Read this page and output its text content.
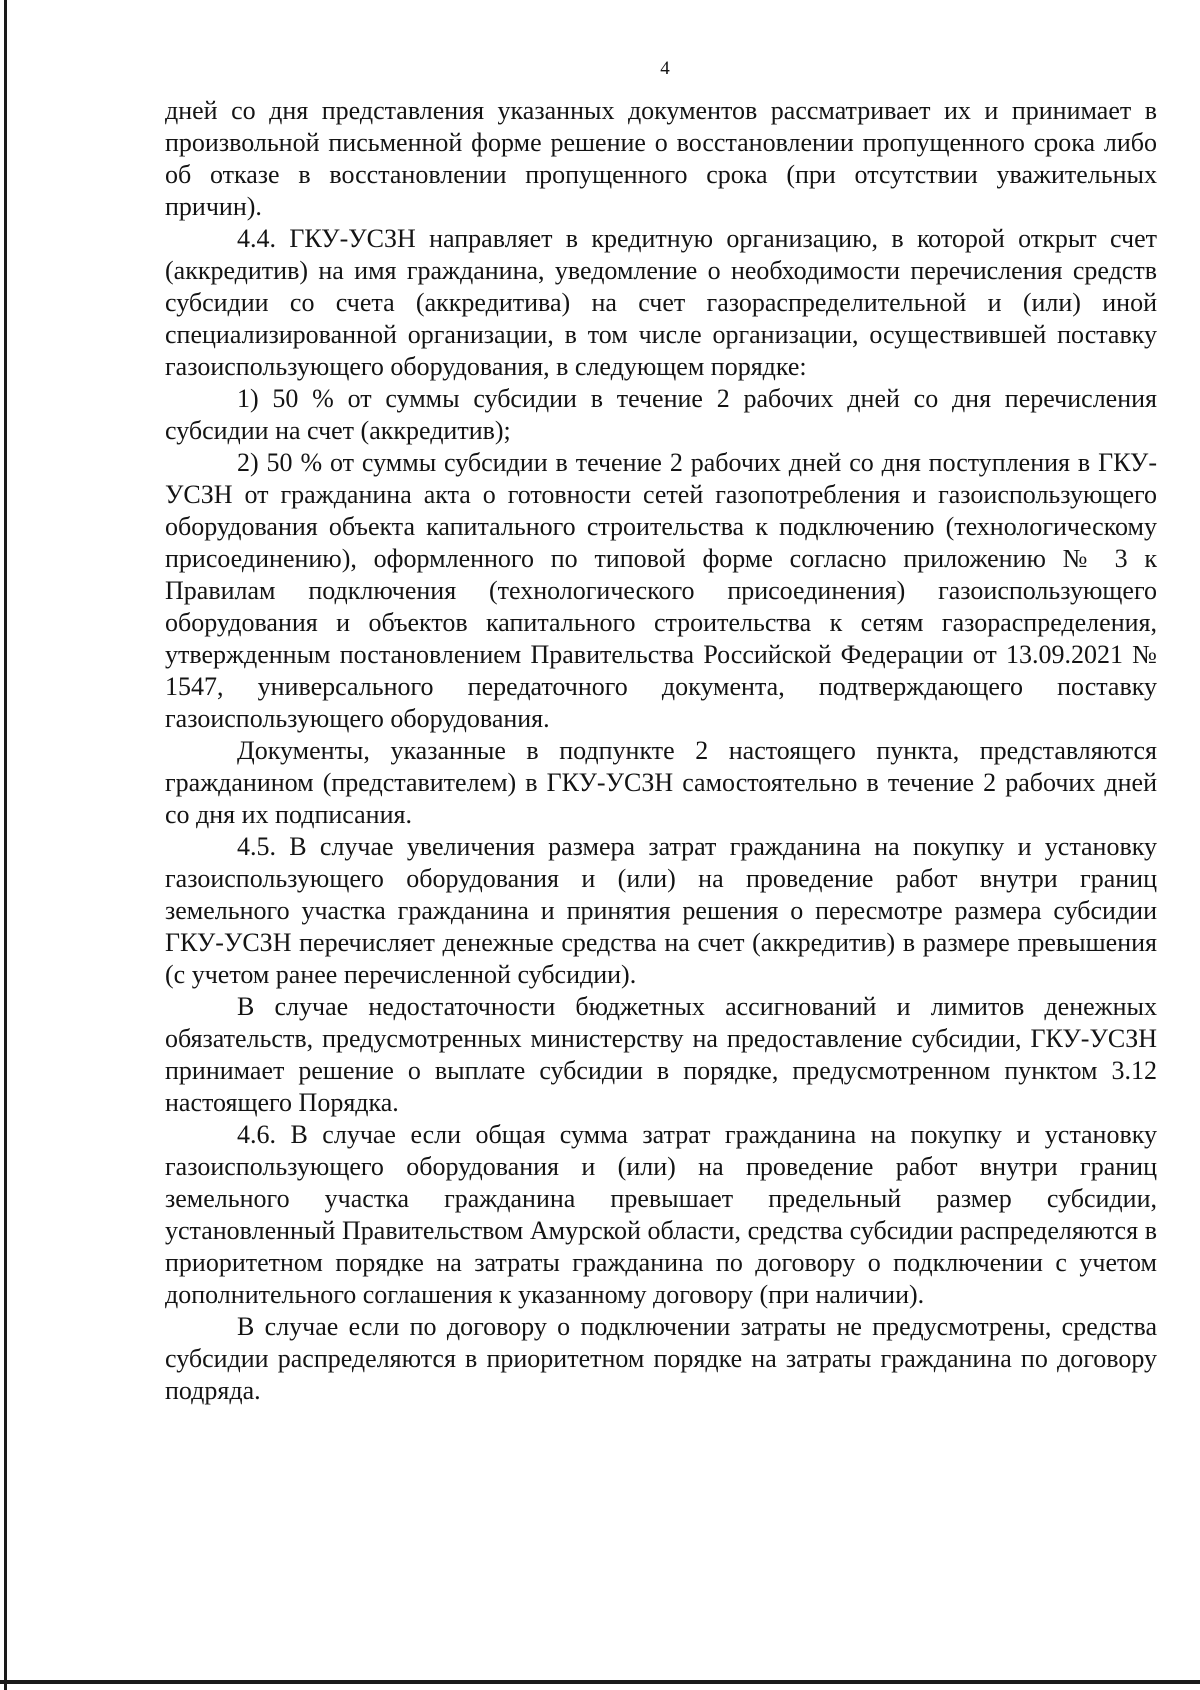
4

дней со дня представления указанных документов рассматривает их и принимает в произвольной письменной форме решение о восстановлении пропущенного срока либо об отказе в восстановлении пропущенного срока (при отсутствии уважительных причин).

4.4. ГКУ-УСЗН направляет в кредитную организацию, в которой открыт счет (аккредитив) на имя гражданина, уведомление о необходимости перечисления средств субсидии со счета (аккредитива) на счет газораспределительной и (или) иной специализированной организации, в том числе организации, осуществившей поставку газоиспользующего оборудования, в следующем порядке:

1) 50 % от суммы субсидии в течение 2 рабочих дней со дня перечисления субсидии на счет (аккредитив);

2) 50 % от суммы субсидии в течение 2 рабочих дней со дня поступления в ГКУ-УСЗН от гражданина акта о готовности сетей газопотребления и газоиспользующего оборудования объекта капитального строительства к подключению (технологическому присоединению), оформленного по типовой форме согласно приложению № 3 к Правилам подключения (технологического присоединения) газоиспользующего оборудования и объектов капитального строительства к сетям газораспределения, утвержденным постановлением Правительства Российской Федерации от 13.09.2021 № 1547, универсального передаточного документа, подтверждающего поставку газоиспользующего оборудования.

Документы, указанные в подпункте 2 настоящего пункта, представляются гражданином (представителем) в ГКУ-УСЗН самостоятельно в течение 2 рабочих дней со дня их подписания.

4.5. В случае увеличения размера затрат гражданина на покупку и установку газоиспользующего оборудования и (или) на проведение работ внутри границ земельного участка гражданина и принятия решения о пересмотре размера субсидии ГКУ-УСЗН перечисляет денежные средства на счет (аккредитив) в размере превышения (с учетом ранее перечисленной субсидии).

В случае недостаточности бюджетных ассигнований и лимитов денежных обязательств, предусмотренных министерству на предоставление субсидии, ГКУ-УСЗН принимает решение о выплате субсидии в порядке, предусмотренном пунктом 3.12 настоящего Порядка.

4.6. В случае если общая сумма затрат гражданина на покупку и установку газоиспользующего оборудования и (или) на проведение работ внутри границ земельного участка гражданина превышает предельный размер субсидии, установленный Правительством Амурской области, средства субсидии распределяются в приоритетном порядке на затраты гражданина по договору о подключении с учетом дополнительного соглашения к указанному договору (при наличии).

В случае если по договору о подключении затраты не предусмотрены, средства субсидии распределяются в приоритетном порядке на затраты гражданина по договору подряда.
